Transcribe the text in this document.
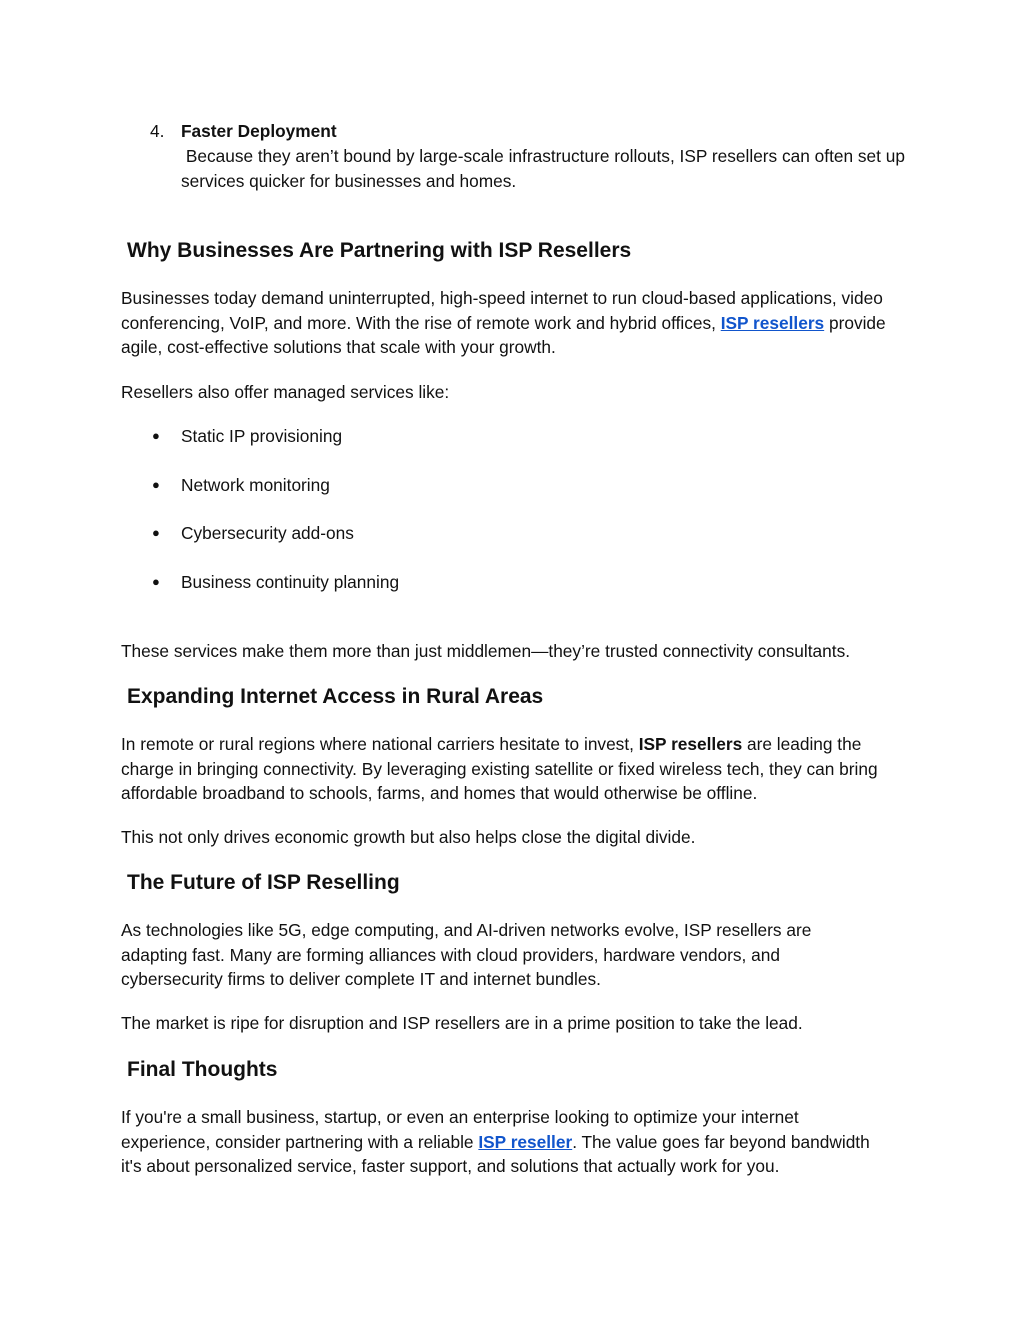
4. Faster Deployment

Because they aren’t bound by large-scale infrastructure rollouts, ISP resellers can often set up services quicker for businesses and homes.

Why Businesses Are Partnering with ISP Resellers

Businesses today demand uninterrupted, high-speed internet to run cloud-based applications, video conferencing, VoIP, and more. With the rise of remote work and hybrid offices, ISP resellers provide agile, cost-effective solutions that scale with your growth.

Resellers also offer managed services like:

● Static IP provisioning
● Network monitoring
● Cybersecurity add-ons
● Business continuity planning

These services make them more than just middlemen—they’re trusted connectivity consultants.

Expanding Internet Access in Rural Areas

In remote or rural regions where national carriers hesitate to invest, ISP resellers are leading the charge in bringing connectivity. By leveraging existing satellite or fixed wireless tech, they can bring affordable broadband to schools, farms, and homes that would otherwise be offline.

This not only drives economic growth but also helps close the digital divide.

The Future of ISP Reselling

As technologies like 5G, edge computing, and AI-driven networks evolve, ISP resellers are adapting fast. Many are forming alliances with cloud providers, hardware vendors, and cybersecurity firms to deliver complete IT and internet bundles.

The market is ripe for disruption and ISP resellers are in a prime position to take the lead.

Final Thoughts

If you're a small business, startup, or even an enterprise looking to optimize your internet experience, consider partnering with a reliable ISP reseller. The value goes far beyond bandwidth it's about personalized service, faster support, and solutions that actually work for you.
